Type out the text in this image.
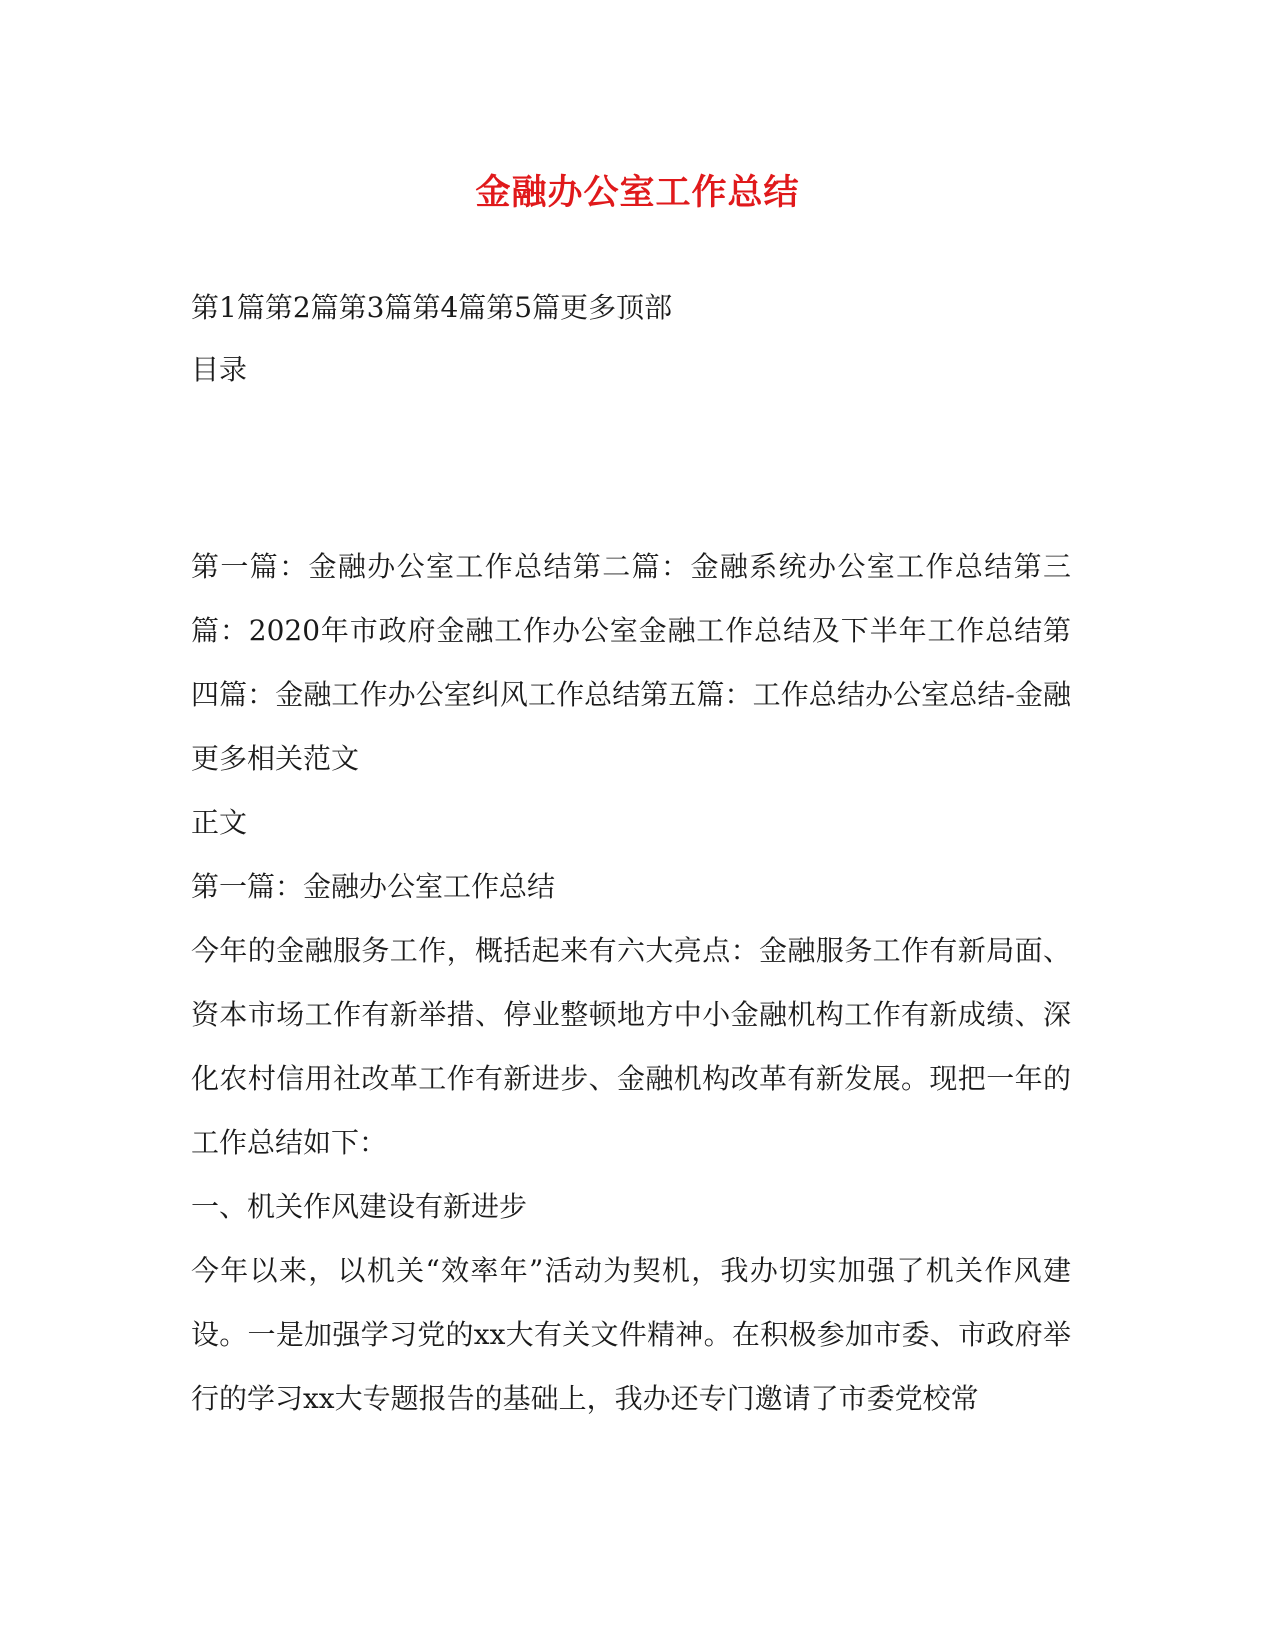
金融办公室工作总结
第1篇第2篇第3篇第4篇第5篇更多顶部
目录
第一篇：金融办公室工作总结第二篇：金融系统办公室工作总结第三篇：2020年市政府金融工作办公室金融工作总结及下半年工作总结第四篇：金融工作办公室纠风工作总结第五篇：工作总结办公室总结-金融更多相关范文
正文
第一篇：金融办公室工作总结
今年的金融服务工作，概括起来有六大亮点：金融服务工作有新局面、资本市场工作有新举措、停业整顿地方中小金融机构工作有新成绩、深化农村信用社改革工作有新进步、金融机构改革有新发展。现把一年的工作总结如下：
一、机关作风建设有新进步
今年以来，以机关“效率年”活动为契机，我办切实加强了机关作风建设。一是加强学习党的xx大有关文件精神。在积极参加市委、市政府举行的学习xx大专题报告的基础上，我办还专门邀请了市委党校常
